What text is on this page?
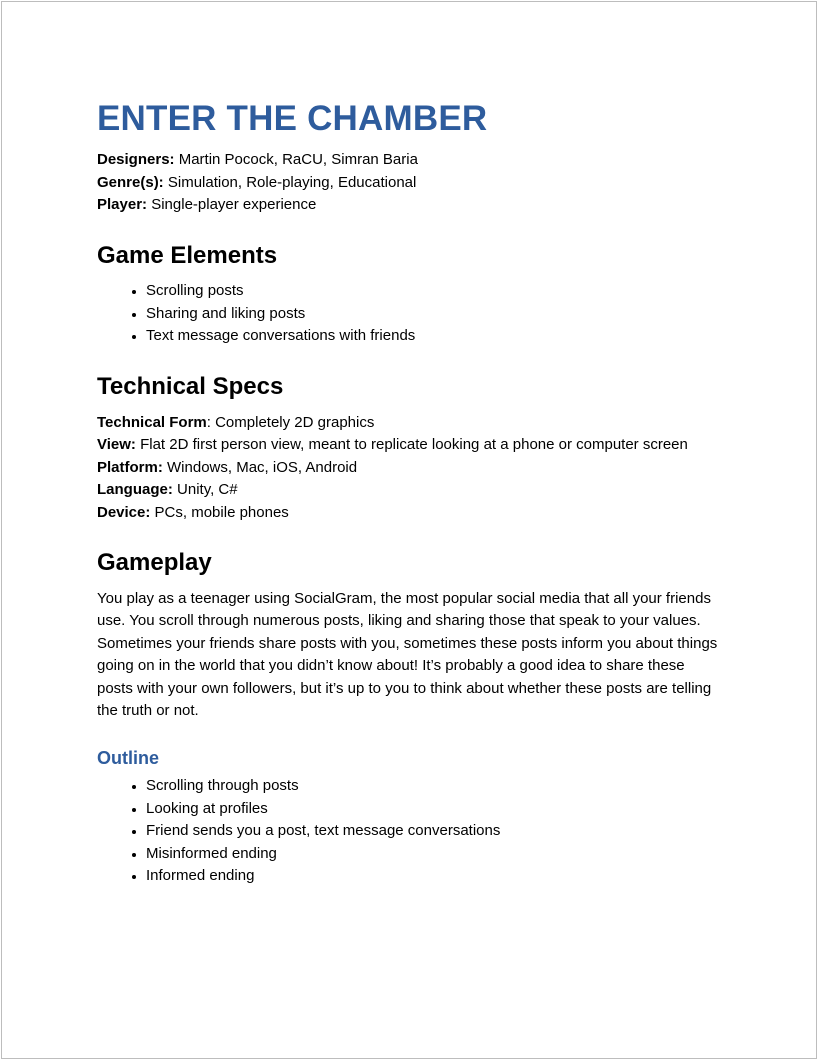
ENTER THE CHAMBER

Designers: Martin Pocock, RaCU, Simran Baria

Genre(s): Simulation, Role-playing, Educational

Player: Single-player experience

Game Elements
• Scrolling posts
• Sharing and liking posts
• Text message conversations with friends
Technical Specs

Technical Form: Completely 2D graphics

View: Flat 2D first person view, meant to replicate looking at a phone or computer screen

Platform: Windows, Mac, iOS, Android

Language: Unity, C#

Device: PCs, mobile phones

Gameplay

You play as a teenager using SocialGram, the most popular social media that all your friends use. You scroll through numerous posts, liking and sharing those that speak to your values. Sometimes your friends share posts with you, sometimes these posts inform you about things going on in the world that you didn’t know about! It’s probably a good idea to share these posts with your own followers, but it’s up to you to think about whether these posts are telling the truth or not.

Outline
• Scrolling through posts
• Looking at profiles
• Friend sends you a post, text message conversations
• Misinformed ending
• Informed ending
